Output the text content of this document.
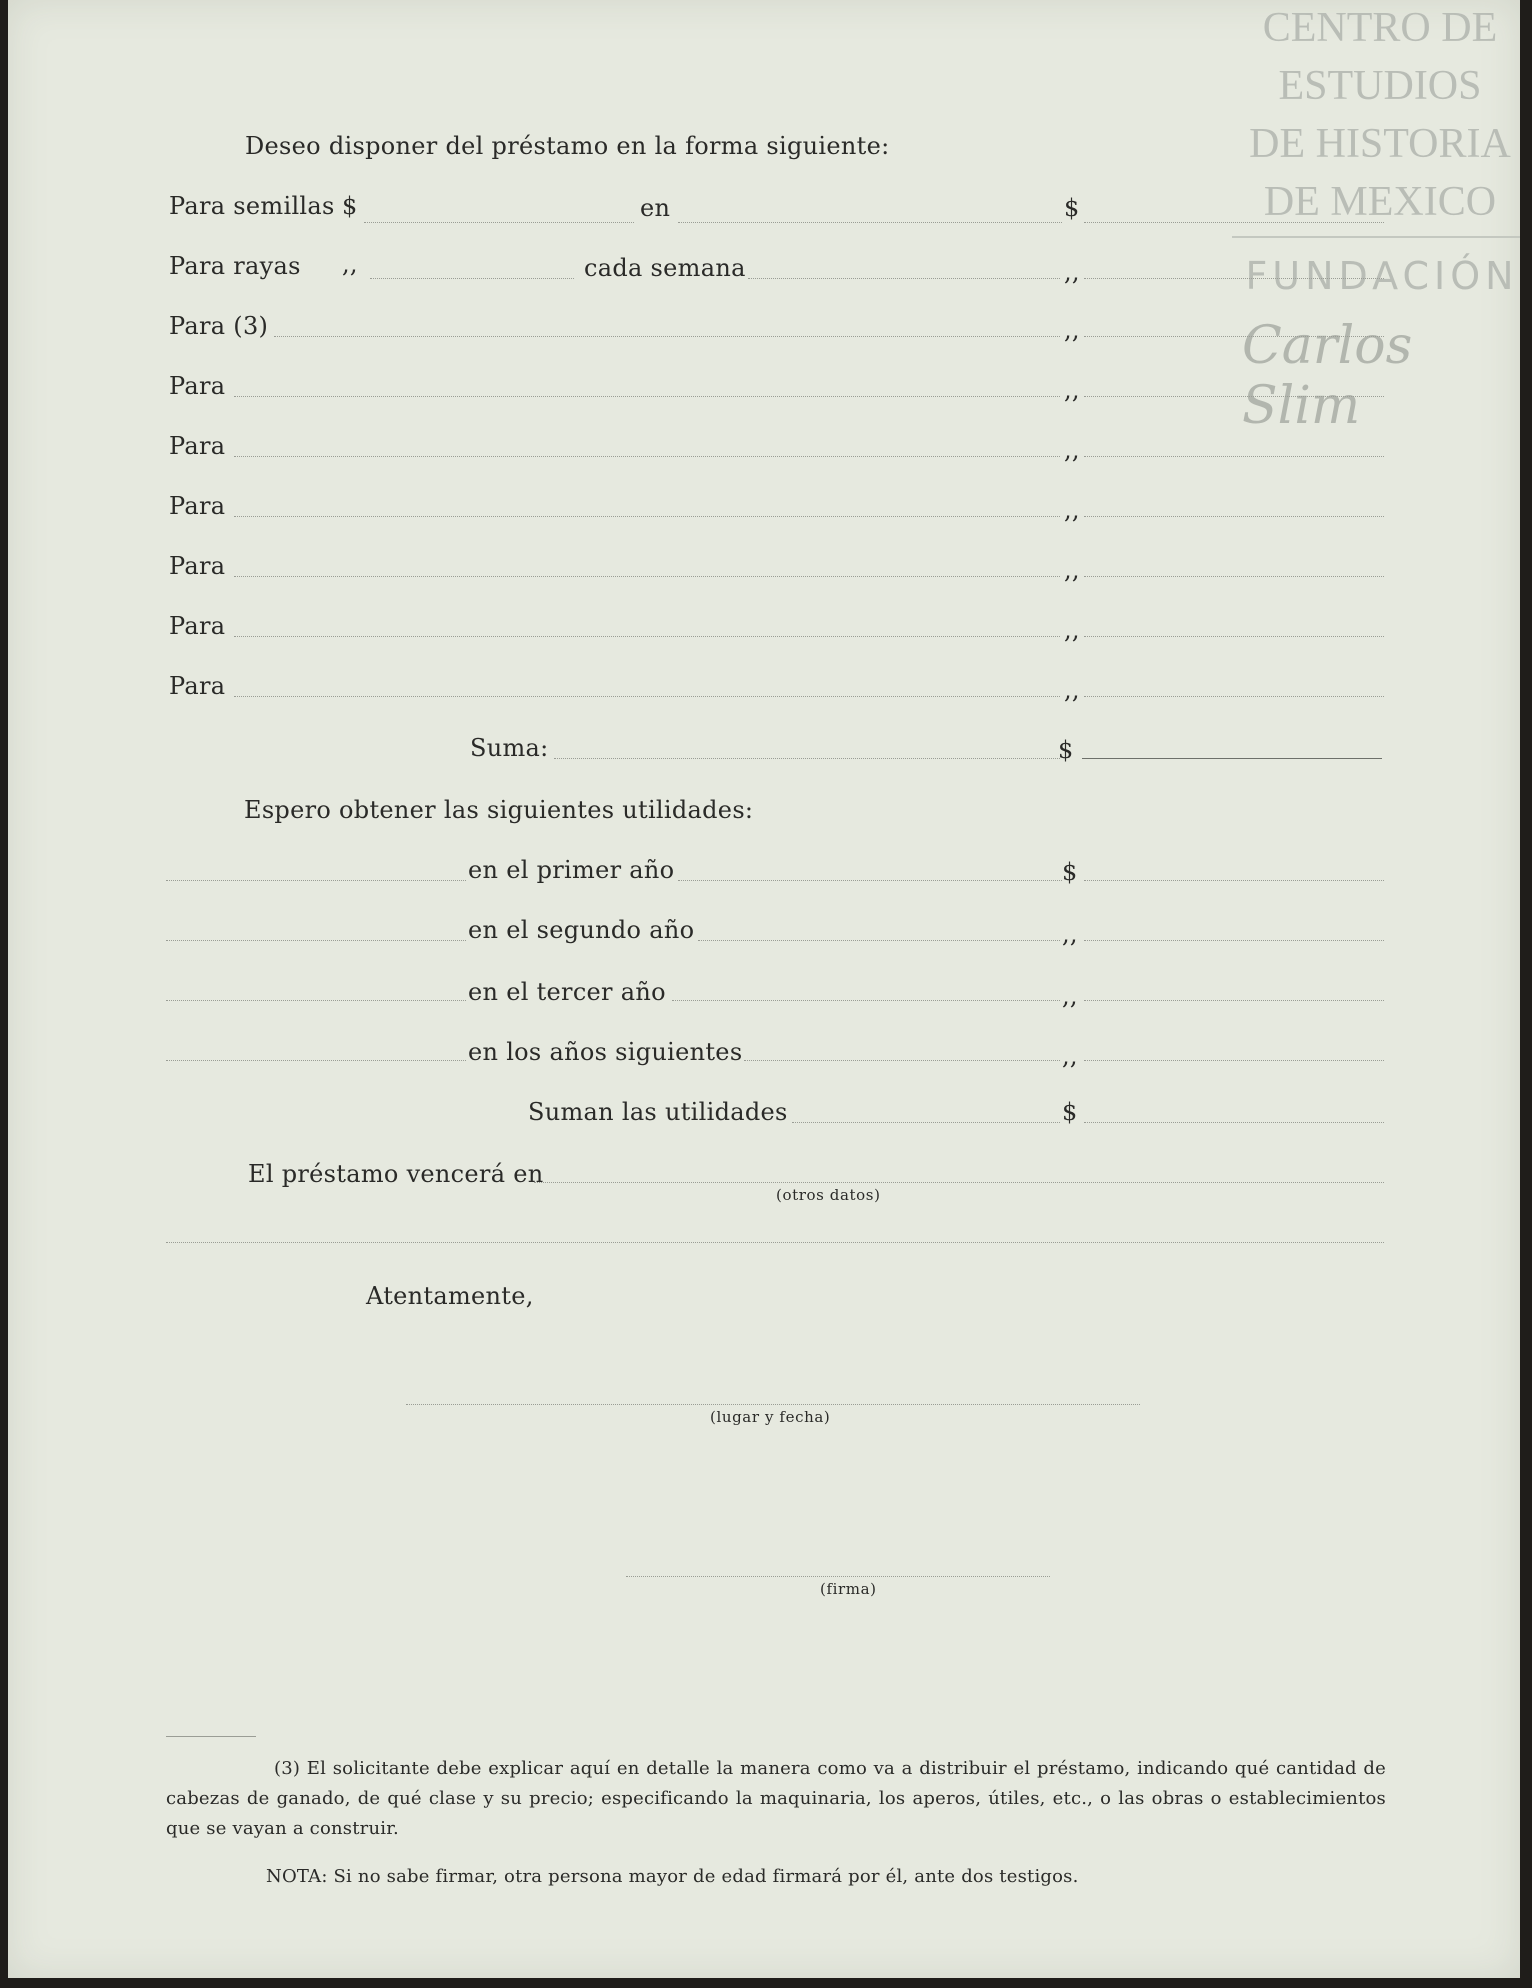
CENTRO DE
ESTUDIOS
DE HISTORIA
DE MEXICO
FUNDACIÓN
Carlos Slim
Deseo disponer del préstamo en la forma siguiente:
Para semillas $	en	$
Para rayas ,,	cada semana	,,
Para (3)	,,
Para	,,
Para	,,
Para	,,
Para	,,
Para	,,
Para	,,
Suma:	$
Espero obtener las siguientes utilidades:
en el primer año	$
en el segundo año	,,
en el tercer año	,,
en los años siguientes	,,
Suman las utilidades	$
El préstamo vencerá en
(otros datos)
Atentamente,
(lugar y fecha)
(firma)
(3) El solicitante debe explicar aquí en detalle la manera como va a distribuir el préstamo, indicando qué cantidad de cabezas de ganado, de qué clase y su precio; especificando la maquinaria, los aperos, útiles, etc., o las obras o establecimientos que se vayan a construir.
NOTA: Si no sabe firmar, otra persona mayor de edad firmará por él, ante dos testigos.
